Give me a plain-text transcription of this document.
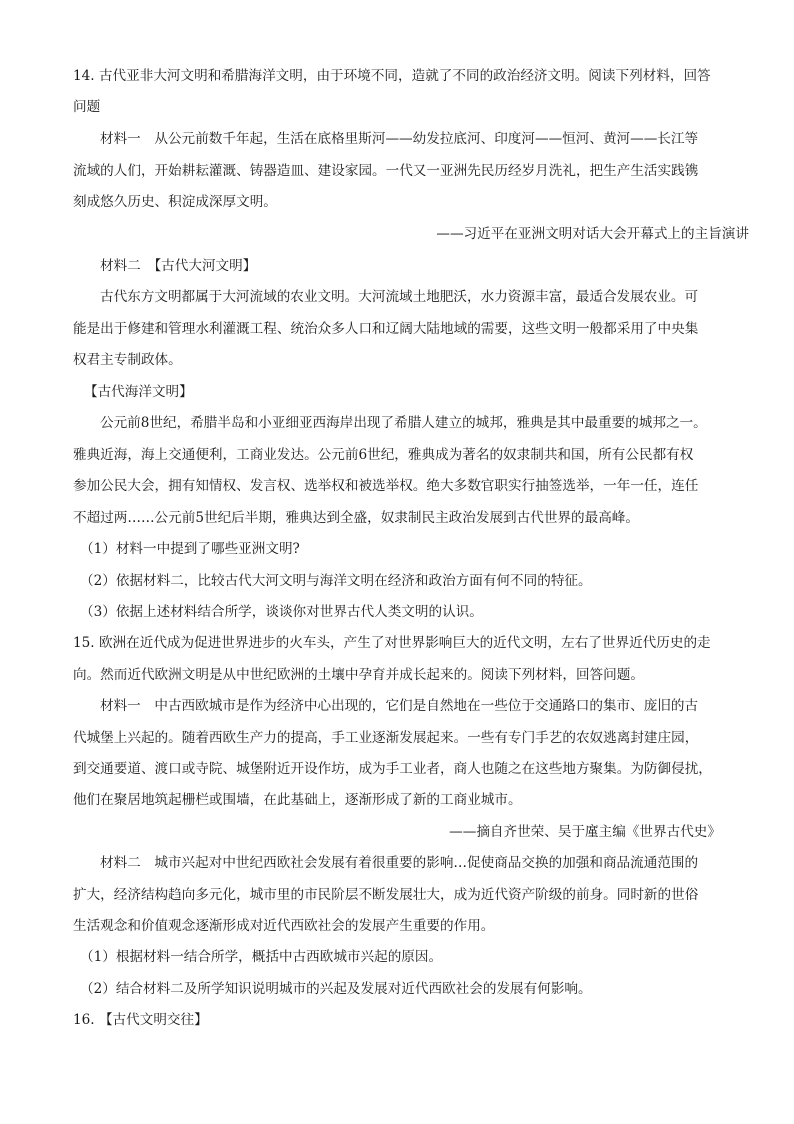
14. 古代亚非大河文明和希腊海洋文明，由于环境不同，造就了不同的政治经济文明。阅读下列材料，回答
问题
材料一　从公元前数千年起，生活在底格里斯河——幼发拉底河、印度河——恒河、黄河——长江等
流域的人们，开始耕耘灌溉、铸器造皿、建设家园。一代又一亚洲先民历经岁月洗礼，把生产生活实践镌
刻成悠久历史、积淀成深厚文明。
——习近平在亚洲文明对话大会开幕式上的主旨演讲
材料二　【古代大河文明】
古代东方文明都属于大河流域的农业文明。大河流域土地肥沃，水力资源丰富，最适合发展农业。可
能是出于修建和管理水利灌溉工程、统治众多人口和辽阔大陆地域的需要，这些文明一般都采用了中央集
权君主专制政体。
【古代海洋文明】
公元前8世纪，希腊半岛和小亚细亚西海岸出现了希腊人建立的城邦，雅典是其中最重要的城邦之一。
雅典近海，海上交通便利，工商业发达。公元前6世纪，雅典成为著名的奴隶制共和国，所有公民都有权
参加公民大会，拥有知情权、发言权、选举权和被选举权。绝大多数官职实行抽签选举，一年一任，连任
不超过两……公元前5世纪后半期，雅典达到全盛，奴隶制民主政治发展到古代世界的最高峰。
（1）材料一中提到了哪些亚洲文明?
（2）依据材料二，比较古代大河文明与海洋文明在经济和政治方面有何不同的特征。
（3）依据上述材料结合所学，谈谈你对世界古代人类文明的认识。
15. 欧洲在近代成为促进世界进步的火车头，产生了对世界影响巨大的近代文明，左右了世界近代历史的走
向。然而近代欧洲文明是从中世纪欧洲的土壤中孕育并成长起来的。阅读下列材料，回答问题。
材料一　中古西欧城市是作为经济中心出现的，它们是自然地在一些位于交通路口的集市、庞旧的古
代城堡上兴起的。随着西欧生产力的提高，手工业逐渐发展起来。一些有专门手艺的农奴逃离封建庄园，
到交通要道、渡口或寺院、城堡附近开设作坊，成为手工业者，商人也随之在这些地方聚集。为防御侵扰，
他们在聚居地筑起栅栏或围墙，在此基础上，逐渐形成了新的工商业城市。
——摘自齐世荣、吴于廑主编《世界古代史》
材料二　城市兴起对中世纪西欧社会发展有着很重要的影响…促使商品交换的加强和商品流通范围的
扩大，经济结构趋向多元化，城市里的市民阶层不断发展壮大，成为近代资产阶级的前身。同时新的世俗
生活观念和价值观念逐渐形成对近代西欧社会的发展产生重要的作用。
（1）根据材料一结合所学，概括中古西欧城市兴起的原因。
（2）结合材料二及所学知识说明城市的兴起及发展对近代西欧社会的发展有何影响。
16. 【古代文明交往】
